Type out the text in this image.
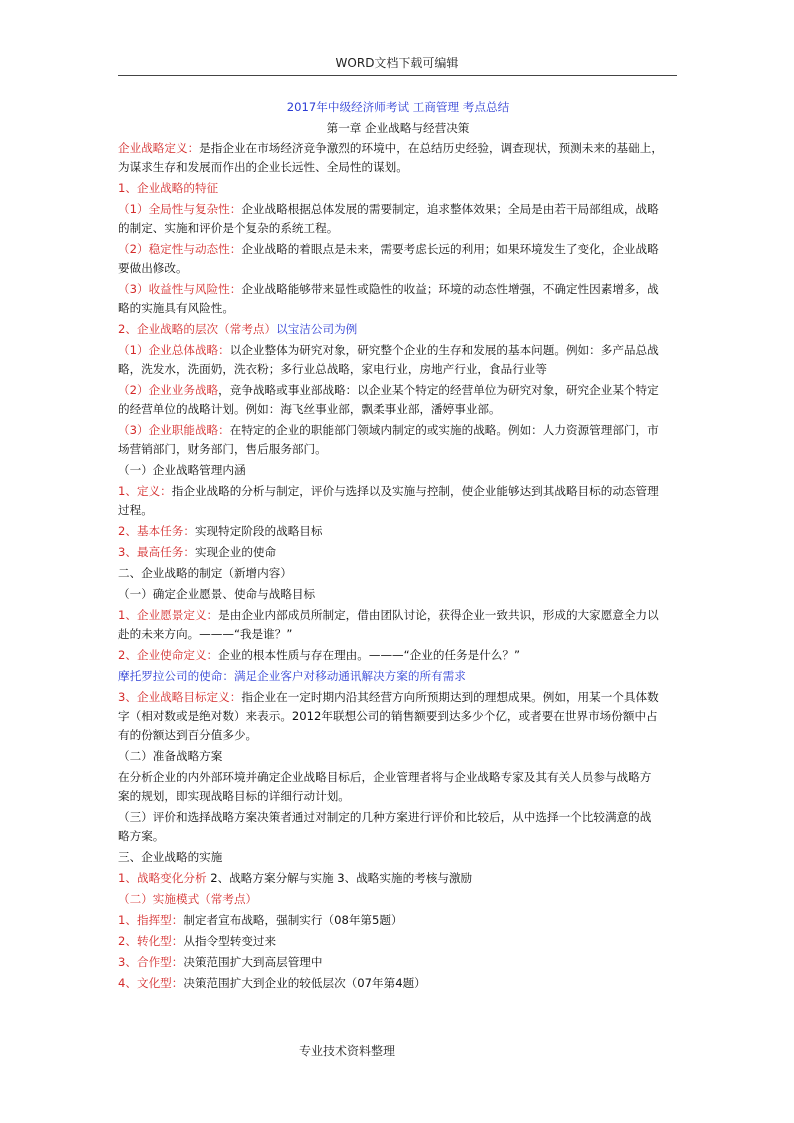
WORD文档下载可编辑
2017年中级经济师考试 工商管理 考点总结
第一章 企业战略与经营决策
企业战略定义：是指企业在市场经济竞争激烈的环境中，在总结历史经验，调查现状，预测未来的基础上，
为谋求生存和发展而作出的企业长远性、全局性的谋划。
1、企业战略的特征
（1）全局性与复杂性：企业战略根据总体发展的需要制定，追求整体效果；全局是由若干局部组成，战略
的制定、实施和评价是个复杂的系统工程。
（2）稳定性与动态性：企业战略的着眼点是未来，需要考虑长远的利用；如果环境发生了变化，企业战略
要做出修改。
（3）收益性与风险性：企业战略能够带来显性或隐性的收益；环境的动态性增强，不确定性因素增多，战
略的实施具有风险性。
2、企业战略的层次（常考点）以宝洁公司为例
（1）企业总体战略：以企业整体为研究对象，研究整个企业的生存和发展的基本问题。例如：多产品总战
略，洗发水，洗面奶，洗衣粉；多行业总战略，家电行业，房地产行业，食品行业等
（2）企业业务战略，竞争战略或事业部战略：以企业某个特定的经营单位为研究对象，研究企业某个特定
的经营单位的战略计划。例如：海飞丝事业部，飘柔事业部，潘婷事业部。
（3）企业职能战略：在特定的企业的职能部门领域内制定的或实施的战略。例如：人力资源管理部门，市
场营销部门，财务部门，售后服务部门。
（一）企业战略管理内涵
1、定义：指企业战略的分析与制定，评价与选择以及实施与控制，使企业能够达到其战略目标的动态管理
过程。
2、基本任务：实现特定阶段的战略目标
3、最高任务：实现企业的使命
二、企业战略的制定（新增内容）
（一）确定企业愿景、使命与战略目标
1、企业愿景定义：是由企业内部成员所制定，借由团队讨论，获得企业一致共识，形成的大家愿意全力以
赴的未来方向。———“我是谁？”
2、企业使命定义：企业的根本性质与存在理由。———“企业的任务是什么？”
摩托罗拉公司的使命：满足企业客户对移动通讯解决方案的所有需求
3、企业战略目标定义：指企业在一定时期内沿其经营方向所预期达到的理想成果。例如，用某一个具体数
字（相对数或是绝对数）来表示。2012年联想公司的销售额要到达多少个亿，或者要在世界市场份额中占
有的份额达到百分值多少。
（二）准备战略方案
在分析企业的内外部环境并确定企业战略目标后，企业管理者将与企业战略专家及其有关人员参与战略方
案的规划，即实现战略目标的详细行动计划。
（三）评价和选择战略方案决策者通过对制定的几种方案进行评价和比较后，从中选择一个比较满意的战
略方案。
三、企业战略的实施
1、战略变化分析 2、战略方案分解与实施 3、战略实施的考核与激励
（二）实施模式（常考点）
1、指挥型：制定者宣布战略，强制实行（08年第5题）
2、转化型：从指令型转变过来
3、合作型：决策范围扩大到高层管理中
4、文化型：决策范围扩大到企业的较低层次（07年第4题）
专业技术资料整理
